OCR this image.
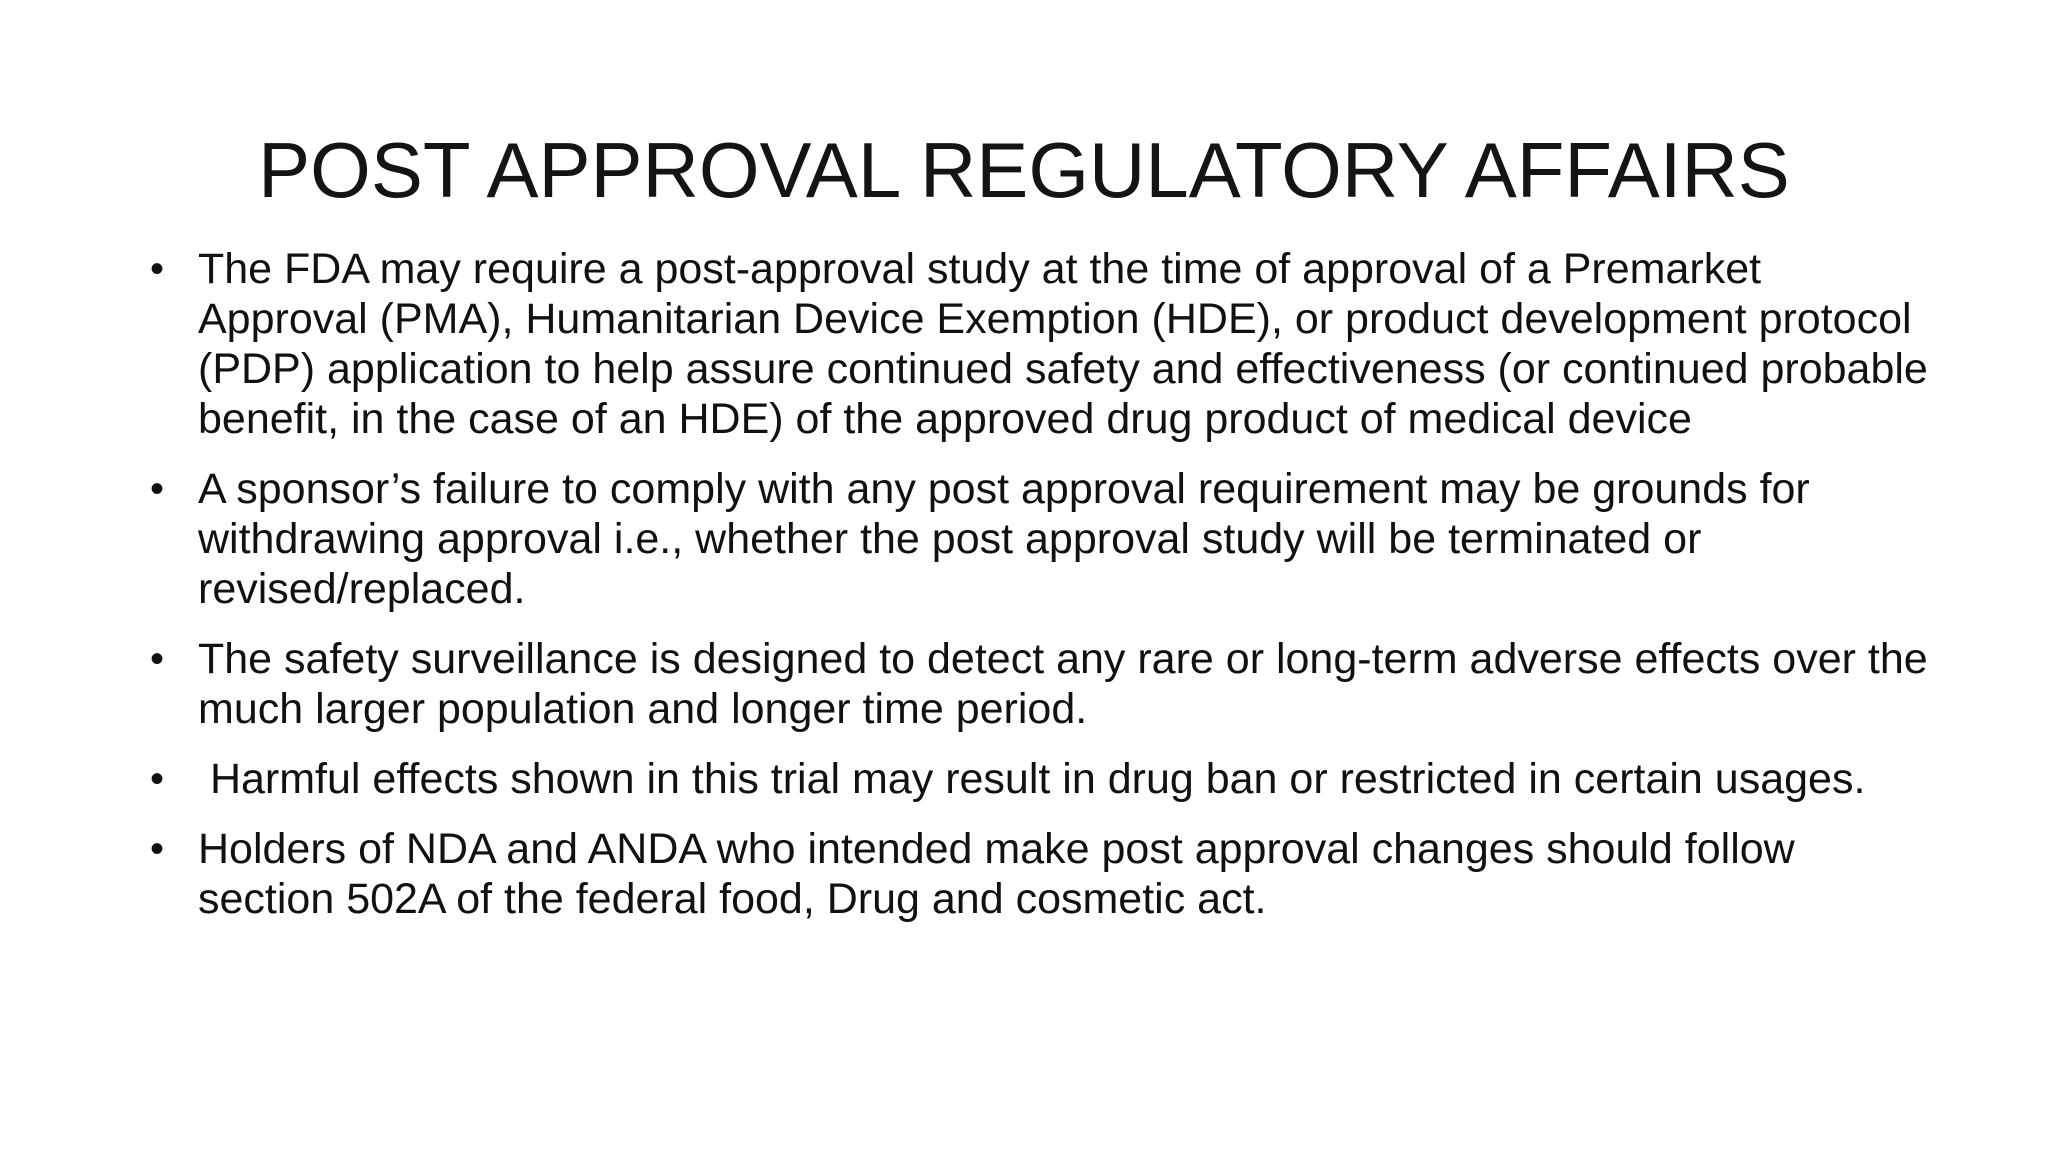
POST APPROVAL REGULATORY AFFAIRS
• The FDA may require a post-approval study at the time of approval of a Premarket Approval (PMA), Humanitarian Device Exemption (HDE), or product development protocol (PDP) application to help assure continued safety and effectiveness (or continued probable benefit, in the case of an HDE) of the approved drug product of medical device
• A sponsor’s failure to comply with any post approval requirement may be grounds for withdrawing approval i.e., whether the post approval study will be terminated or revised/replaced.
• The safety surveillance is designed to detect any rare or long-term adverse effects over the much larger population and longer time period.
• Harmful effects shown in this trial may result in drug ban or restricted in certain usages.
• Holders of NDA and ANDA who intended make post approval changes should follow section 502A of the federal food, Drug and cosmetic act.
